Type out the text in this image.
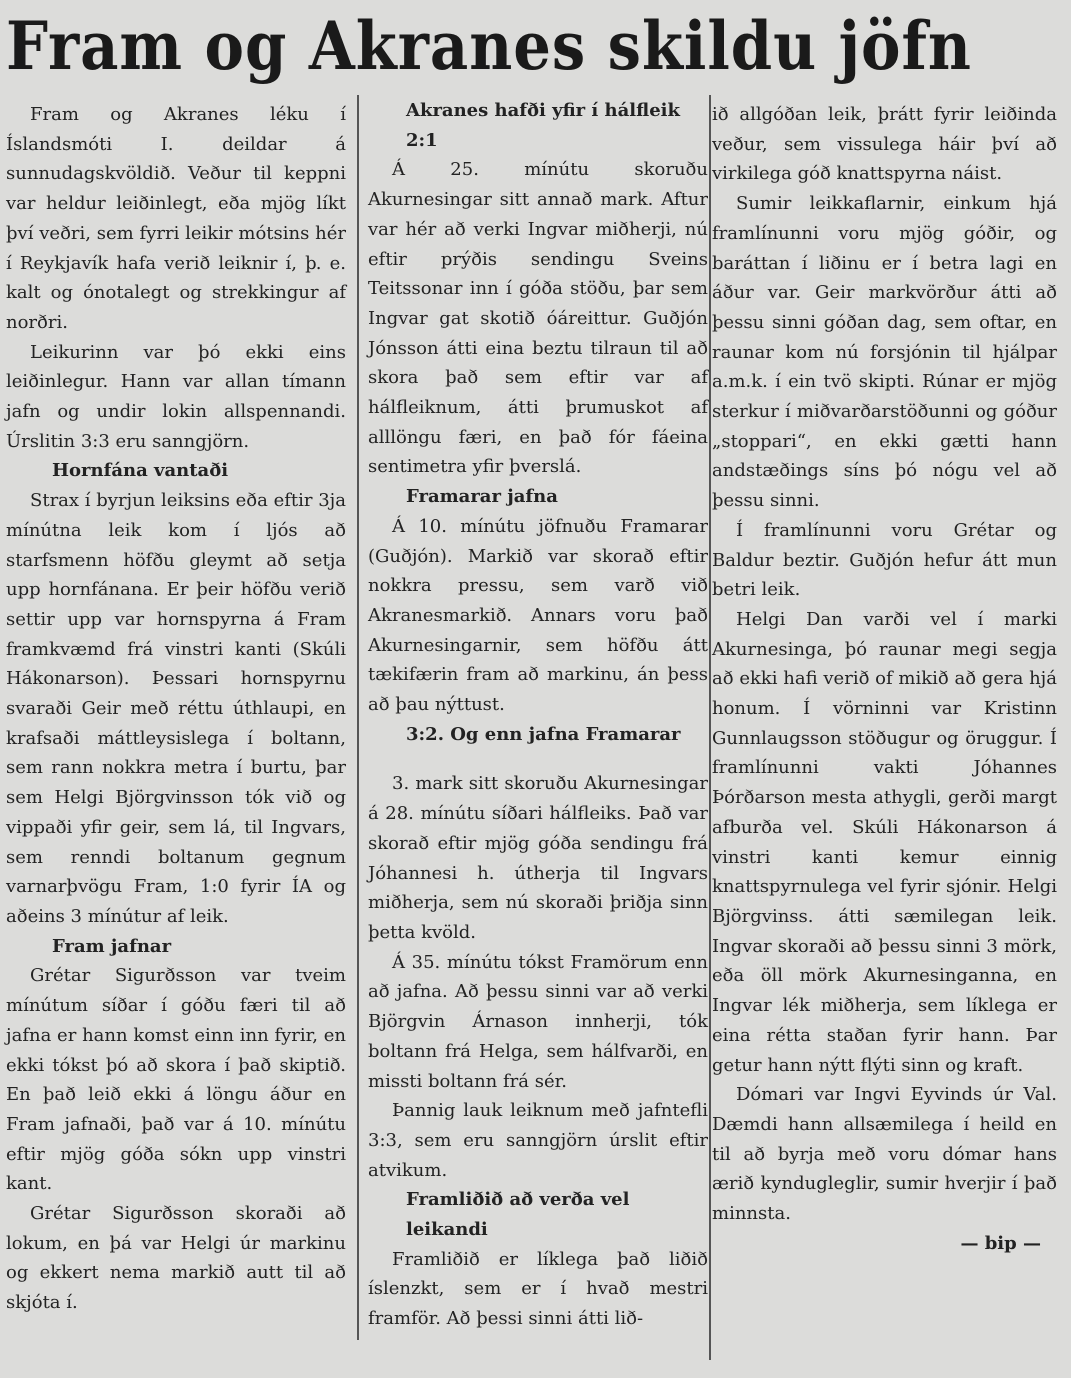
Fram og Akranes skildu jöfn

Fram og Akranes léku í Íslandsmóti I. deildar á sunnudagskvöldið. Veður til keppni var heldur leiðinlegt, eða mjög líkt því veðri, sem fyrri leikir mótsins hér í Reykjavík hafa verið leiknir í, þ. e. kalt og ónotalegt og strekkingur af norðri.

Leikurinn var þó ekki eins leiðinlegur. Hann var allan tímann jafn og undir lokin allspennandi. Úrslitin 3:3 eru sanngjörn.

Hornfána vantaði

Strax í byrjun leiksins eða eftir 3ja mínútna leik kom í ljós að starfsmenn höfðu gleymt að setja upp hornfánana. Er þeir höfðu verið settir upp var hornspyrna á Fram framkvæmd frá vinstri kanti (Skúli Hákonarson). Þessari hornspyrnu svaraði Geir með réttu úthlaupi, en krafsaði máttleysislega í boltann, sem rann nokkra metra í burtu, þar sem Helgi Björgvinsson tók við og vippaði yfir geir, sem lá, til Ingvars, sem renndi boltanum gegnum varnarþvögu Fram, 1:0 fyrir ÍA og aðeins 3 mínútur af leik.

Fram jafnar

Grétar Sigurðsson var tveim mínútum síðar í góðu færi til að jafna er hann komst einn inn fyrir, en ekki tókst þó að skora í það skiptið. En það leið ekki á löngu áður en Fram jafnaði, það var á 10. mínútu eftir mjög góða sókn upp vinstri kant.

Grétar Sigurðsson skoraði að lokum, en þá var Helgi úr markinu og ekkert nema markið autt til að skjóta í.

Akranes hafði yfir í hálfleik 2:1

Á 25. mínútu skoruðu Akurnesingar sitt annað mark. Aftur var hér að verki Ingvar miðherji, nú eftir prýðis sendingu Sveins Teitssonar inn í góða stöðu, þar sem Ingvar gat skotið óáreittur. Guðjón Jónsson átti eina beztu tilraun til að skora það sem eftir var af hálfleiknum, átti þrumuskot af alllöngu færi, en það fór fáeina sentimetra yfir þverslá.

Framarar jafna

Á 10. mínútu jöfnuðu Framarar (Guðjón). Markið var skorað eftir nokkra pressu, sem varð við Akranesmarkið. Annars voru það Akurnesingarnir, sem höfðu átt tækifærin fram að markinu, án þess að þau nýttust.

3:2. Og enn jafna Framarar

3. mark sitt skoruðu Akurnesingar á 28. mínútu síðari hálfleiks. Það var skorað eftir mjög góða sendingu frá Jóhannesi h. útherja til Ingvars miðherja, sem nú skoraði þriðja sinn þetta kvöld.

Á 35. mínútu tókst Framörum enn að jafna. Að þessu sinni var að verki Björgvin Árnason innherji, tók boltann frá Helga, sem hálfvarði, en missti boltann frá sér.

Þannig lauk leiknum með jafntefli 3:3, sem eru sanngjörn úrslit eftir atvikum.

Framliðið að verða vel leikandi

Framliðið er líklega það liðið íslenzkt, sem er í hvað mestri framför. Að þessi sinni átti lið-

ið allgóðan leik, þrátt fyrir leiðinda veður, sem vissulega háir því að virkilega góð knattspyrna náist.

Sumir leikkaflarnir, einkum hjá framlínunni voru mjög góðir, og baráttan í liðinu er í betra lagi en áður var. Geir markvörður átti að þessu sinni góðan dag, sem oftar, en raunar kom nú forsjónin til hjálpar a.m.k. í ein tvö skipti. Rúnar er mjög sterkur í miðvarðarstöðunni og góður „stoppari“, en ekki gætti hann andstæðings síns þó nógu vel að þessu sinni.

Í framlínunni voru Grétar og Baldur beztir. Guðjón hefur átt mun betri leik.

Helgi Dan varði vel í marki Akurnesinga, þó raunar megi segja að ekki hafi verið of mikið að gera hjá honum. Í vörninni var Kristinn Gunnlaugsson stöðugur og öruggur. Í framlínunni vakti Jóhannes Þórðarson mesta athygli, gerði margt afburða vel. Skúli Hákonarson á vinstri kanti kemur einnig knattspyrnulega vel fyrir sjónir. Helgi Björgvinss. átti sæmilegan leik. Ingvar skoraði að þessu sinni 3 mörk, eða öll mörk Akurnesinganna, en Ingvar lék miðherja, sem líklega er eina rétta staðan fyrir hann. Þar getur hann nýtt flýti sinn og kraft.

Dómari var Ingvi Eyvinds úr Val. Dæmdi hann allsæmilega í heild en til að byrja með voru dómar hans ærið kyndugleglir, sumir hverjir í það minnsta.

— bip —
